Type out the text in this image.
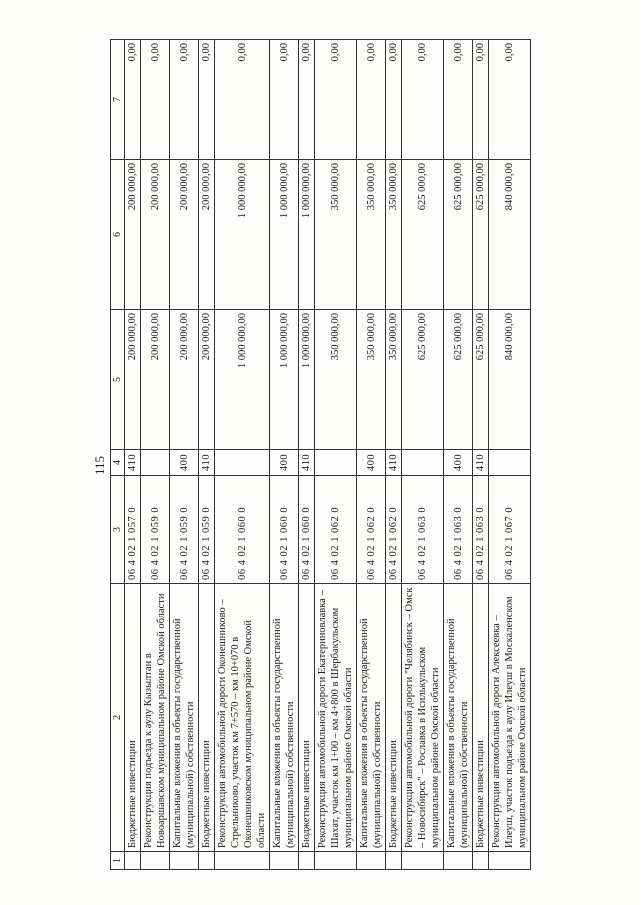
115
1	2	3	4	5	6	7
	Бюджетные инвестиции	06 4 02 1 057 0	410	200 000,00	200 000,00	0,00
	Реконструкция подъезда к аулу Кызылтан в Новоаршавском муниципальном районе Омской области	06 4 02 1 059 0		200 000,00	200 000,00	0,00
	Капитальные вложения в объекты государственной (муниципальной) собственности	06 4 02 1 059 0	400	200 000,00	200 000,00	0,00
	Бюджетные инвестиции	06 4 02 1 059 0	410	200 000,00	200 000,00	0,00
	Реконструкция автомобильной дороги Оконешниково – Стрельниково, участок км 7+570 – км 10+070 в Оконешниковском муниципальном районе Омской области	06 4 02 1 060 0		1 000 000,00	1 000 000,00	0,00
	Капитальные вложения в объекты государственной (муниципальной) собственности	06 4 02 1 060 0	400	1 000 000,00	1 000 000,00	0,00
	Бюджетные инвестиции	06 4 02 1 060 0	410	1 000 000,00	1 000 000,00	0,00
	Реконструкция автомобильной дороги Екатериновлавка – Шахат, участок км 1+00 – км 4+800 в Шербакульском муниципальном районе Омской области	06 4 02 1 062 0		350 000,00	350 000,00	0,00
	Капитальные вложения в объекты государственной (муниципальной) собственности	06 4 02 1 062 0	400	350 000,00	350 000,00	0,00
	Бюджетные инвестиции	06 4 02 1 062 0	410	350 000,00	350 000,00	0,00
	Реконструкция автомобильной дороги "Челябинск – Омск – Новосибирск" – Рославка в Исилькульском муниципальном районе Омской области	06 4 02 1 063 0		625 000,00	625 000,00	0,00
	Капитальные вложения в объекты государственной (муниципальной) собственности	06 4 02 1 063 0	400	625 000,00	625 000,00	0,00
	Бюджетные инвестиции	06 4 02 1 063 0	410	625 000,00	625 000,00	0,00
	Реконструкция автомобильной дороги Алексеевка – Илеуш, участок подъезда к аулу Илеуш в Москаленском муниципальном районе Омской области	06 4 02 1 067 0		840 000,00	840 000,00	0,00
